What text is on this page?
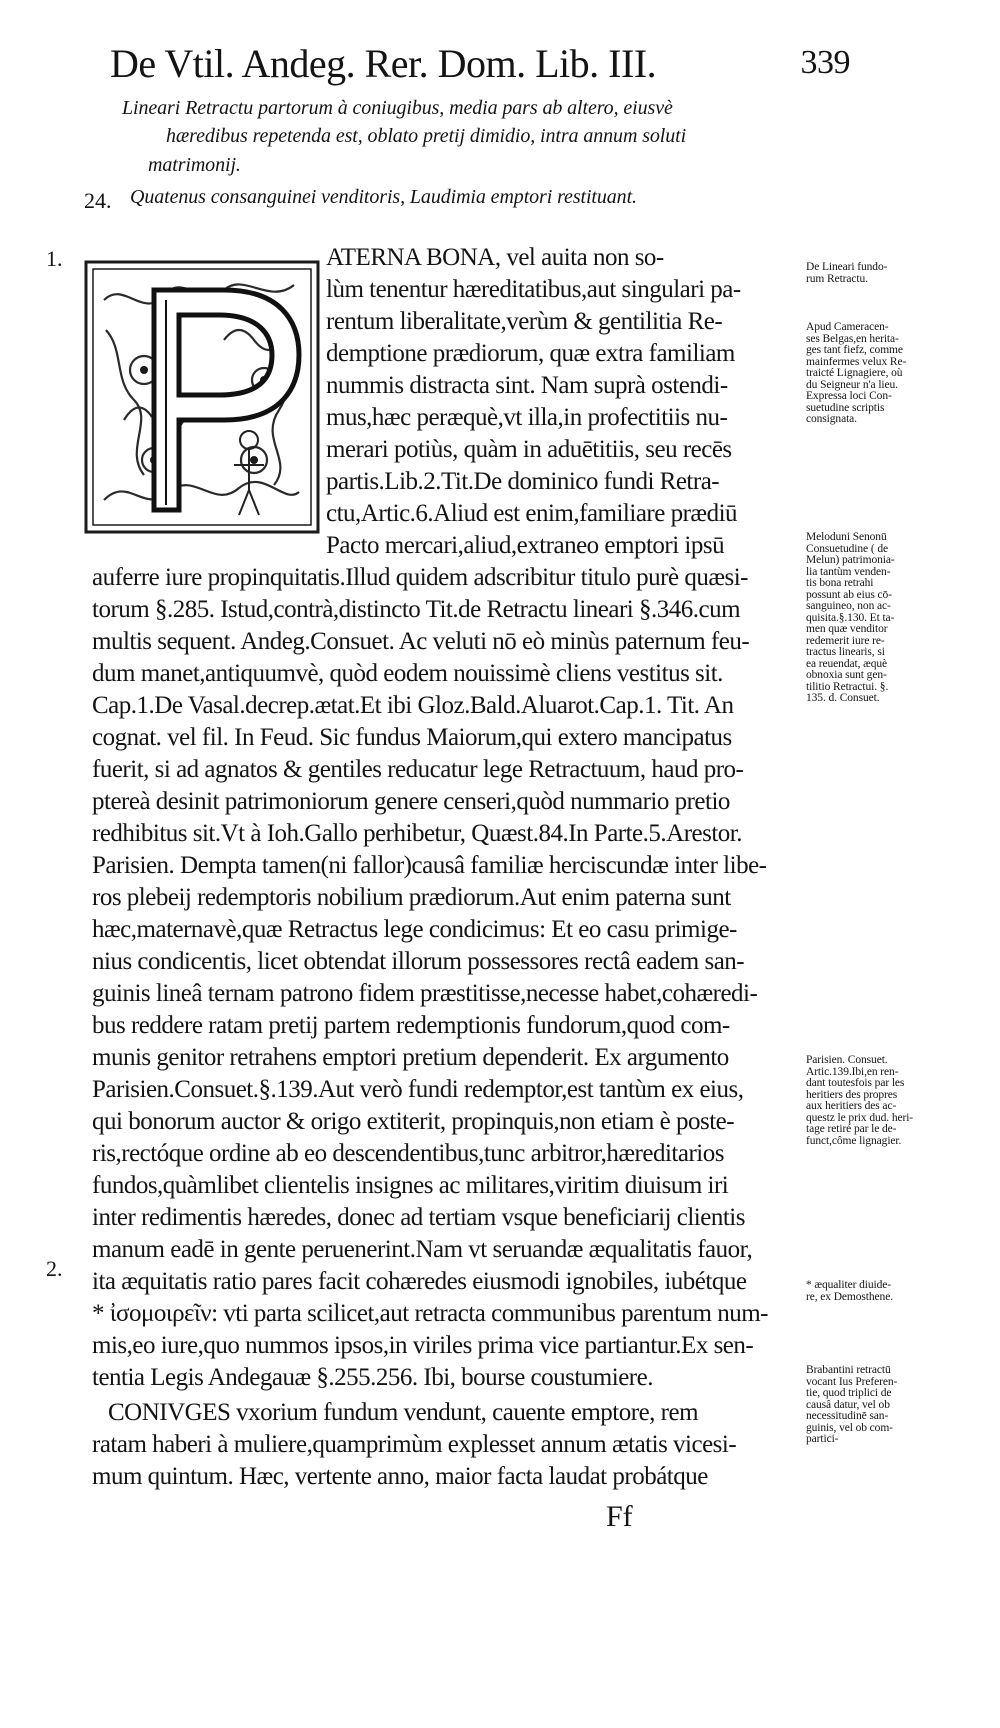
De Vtil. Andeg. Rer. Dom. Lib. III.	339
Lineari Retractu partorum à coniugibus, media pars ab altero, eiusvè
hæredibus repetenda est, oblato pretij dimidio, intra annum soluti
matrimonij.
24. Quatenus consanguinei venditoris, Laudimia emptori restituant.
1.
2.
ATERNA BONA, vel auita non so-
lùm tenentur hæreditatibus,aut singulari pa-
rentum liberalitate,verùm & gentilitia Re-
demptione prædiorum, quæ extra familiam
nummis distracta sint. Nam suprà ostendi-
mus,hæc peræquè,vt illa,in profectitiis nu-
merari potiùs, quàm in aduētitiis, seu recēs
partis.Lib.2.Tit.De dominico fundi Retra-
ctu,Artic.6.Aliud est enim,familiare prædiū
Pacto mercari,aliud,extraneo emptori ipsū
auferre iure propinquitatis.Illud quidem adscribitur titulo purè quæsi-
torum §.285. Istud,contrà,distincto Tit.de Retractu lineari §.346.cum
multis sequent. Andeg.Consuet. Ac veluti nō eò minùs paternum feu-
dum manet,antiquumvè, quòd eodem nouissimè cliens vestitus sit.
Cap.1.De Vasal.decrep.ætat.Et ibi Gloz.Bald.Aluarot.Cap.1. Tit. An
cognat. vel fil. In Feud. Sic fundus Maiorum,qui extero mancipatus
fuerit, si ad agnatos & gentiles reducatur lege Retractuum, haud pro-
ptereà desinit patrimoniorum genere censeri,quòd nummario pretio
redhibitus sit.Vt à Ioh.Gallo perhibetur, Quæst.84.In Parte.5.Arestor.
Parisien. Dempta tamen(ni fallor)causâ familiæ herciscundæ inter libe-
ros plebeij redemptoris nobilium prædiorum.Aut enim paterna sunt
hæc,maternavè,quæ Retractus lege condicimus: Et eo casu primige-
nius condicentis, licet obtendat illorum possessores rectâ eadem san-
guinis lineâ ternam patrono fidem præstitisse,necesse habet,cohæredi-
bus reddere ratam pretij partem redemptionis fundorum,quod com-
munis genitor retrahens emptori pretium dependerit. Ex argumento
Parisien.Consuet.§.139.Aut verò fundi redemptor,est tantùm ex eius,
qui bonorum auctor & origo extiterit, propinquis,non etiam è poste-
ris,rectóque ordine ab eo descendentibus,tunc arbitror,hæreditarios
fundos,quàmlibet clientelis insignes ac militares,viritim diuisum iri
inter redimentis hæredes, donec ad tertiam vsque beneficiarij clientis
manum eadē in gente peruenerint.Nam vt seruandæ æqualitatis fauor,
ita æquitatis ratio pares facit cohæredes eiusmodi ignobiles, iubétque
* ἰσομοιρεῖν: vti parta scilicet,aut retracta communibus parentum num-
mis,eo iure,quo nummos ipsos,in viriles prima vice partiantur.Ex sen-
tentia Legis Andegauæ §.255.256. Ibi, bourse coustumiere.
CONIVGES vxorium fundum vendunt, cauente emptore, rem
ratam haberi à muliere,quamprimùm explesset annum ætatis vicesi-
mum quintum. Hæc, vertente anno, maior facta laudat probátque
Ff
De Lineari fundo-
rum Retractu.
Apud Cameracen-
ses Belgas,en herita-
ges tant fiefz, comme
mainfermes velux Re-
traicté Lignagiere, où
du Seigneur n'a lieu.
Expressa loci Con-
suetudine scriptis
consignata.
Meloduni Senonū
Consuetudine ( de
Melun) patrimonia-
lia tantùm venden-
tis bona retrahi
possunt ab eius cō-
sanguineo, non ac-
quisita.§.130. Et ta-
men quæ venditor
redemerit iure re-
tractus linearis, si
ea reuendat, æquè
obnoxia sunt gen-
tilitio Retractui. §.
135. d. Consuet.
Parisien. Consuet.
Artic.139.Ibi,en ren-
dant toutesfois par les
heritiers des propres
aux heritiers des ac-
questz le prix dud. heri-
tage retiré par le de-
funct,côme lignagier.
* æqualiter diuide-
re, ex Demosthene.
Brabantini retractū
vocant Ius Preferen-
tie, quod triplici de
causâ datur, vel ob
necessitudinē san-
guinis, vel ob com-
partici-
